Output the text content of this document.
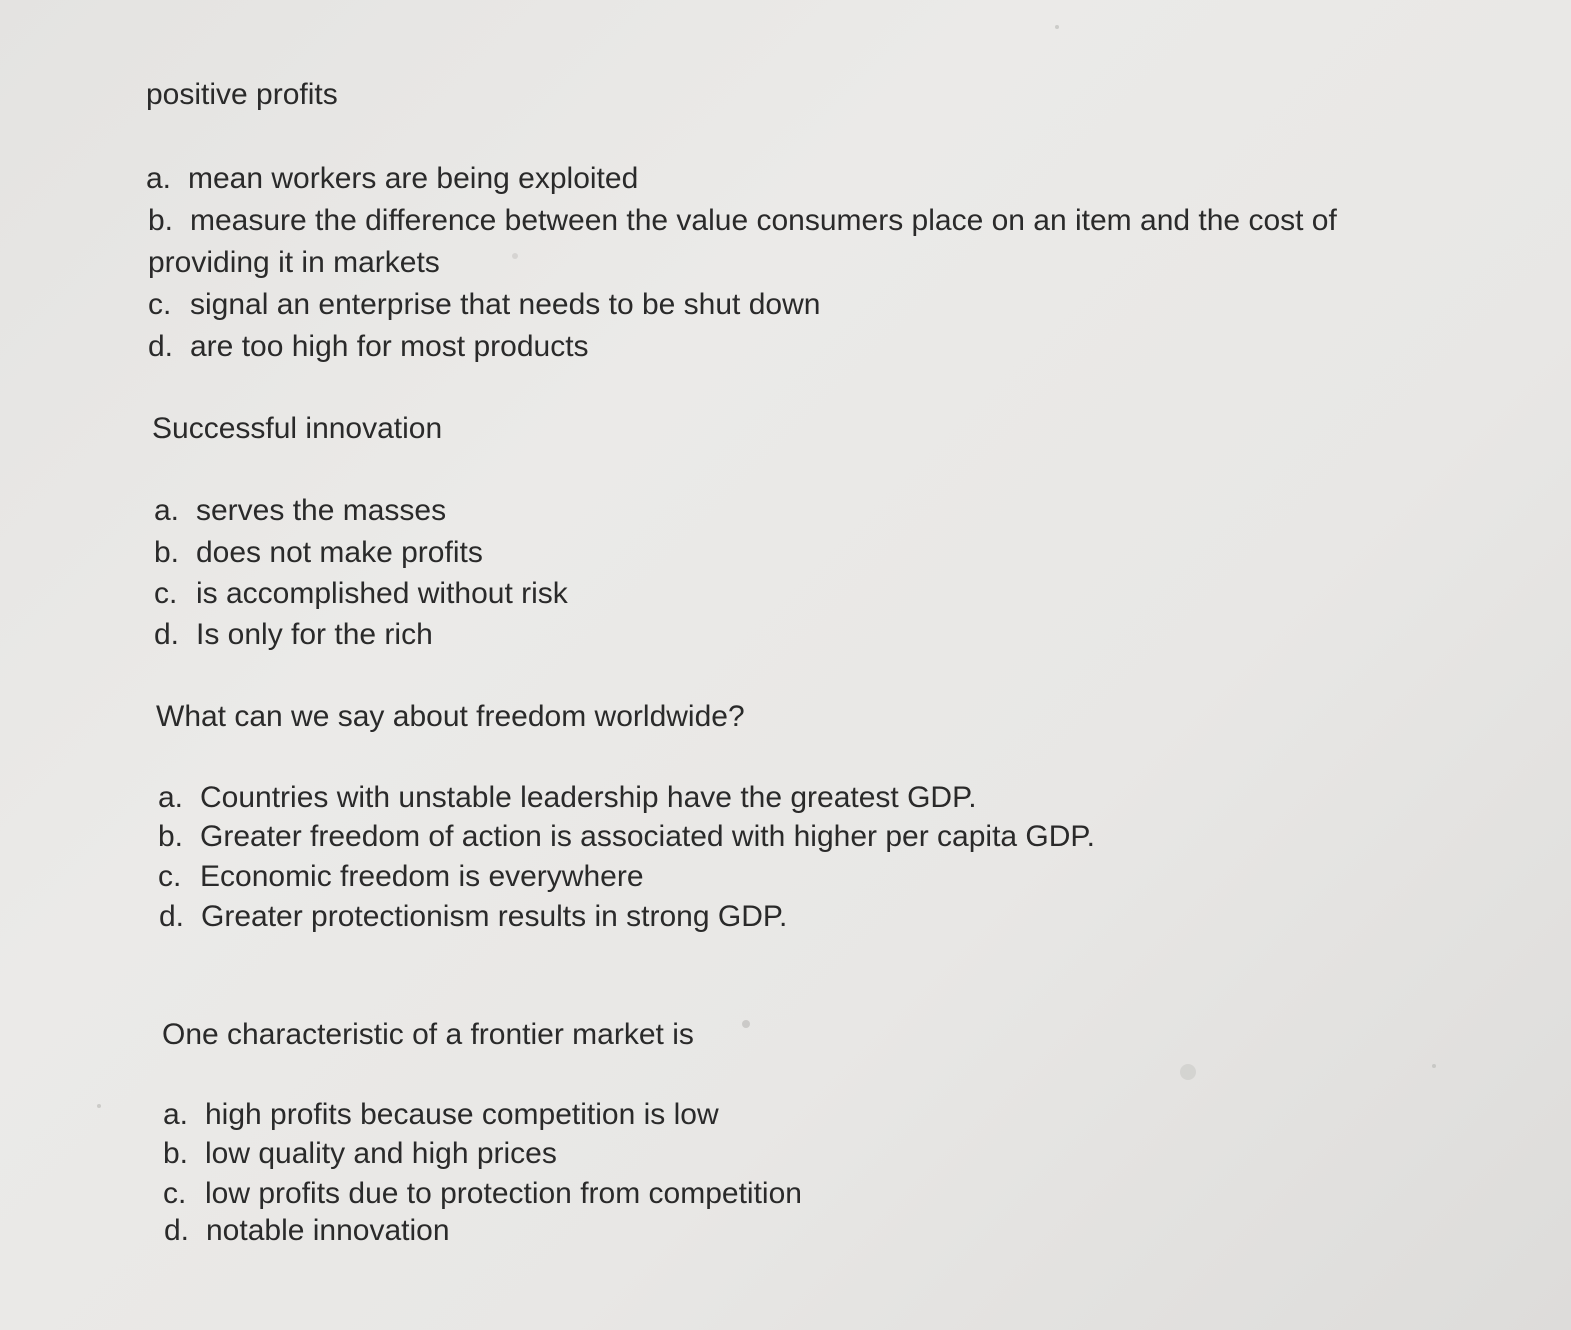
positive profits
a. mean workers are being exploited
b. measure the difference between the value consumers place on an item and the cost of
providing it in markets
c. signal an enterprise that needs to be shut down
d. are too high for most products
Successful innovation
a. serves the masses
b. does not make profits
c. is accomplished without risk
d. Is only for the rich
What can we say about freedom worldwide?
a. Countries with unstable leadership have the greatest GDP.
b. Greater freedom of action is associated with higher per capita GDP.
c. Economic freedom is everywhere
d. Greater protectionism results in strong GDP.
One characteristic of a frontier market is
a. high profits because competition is low
b. low quality and high prices
c. low profits due to protection from competition
d. notable innovation
